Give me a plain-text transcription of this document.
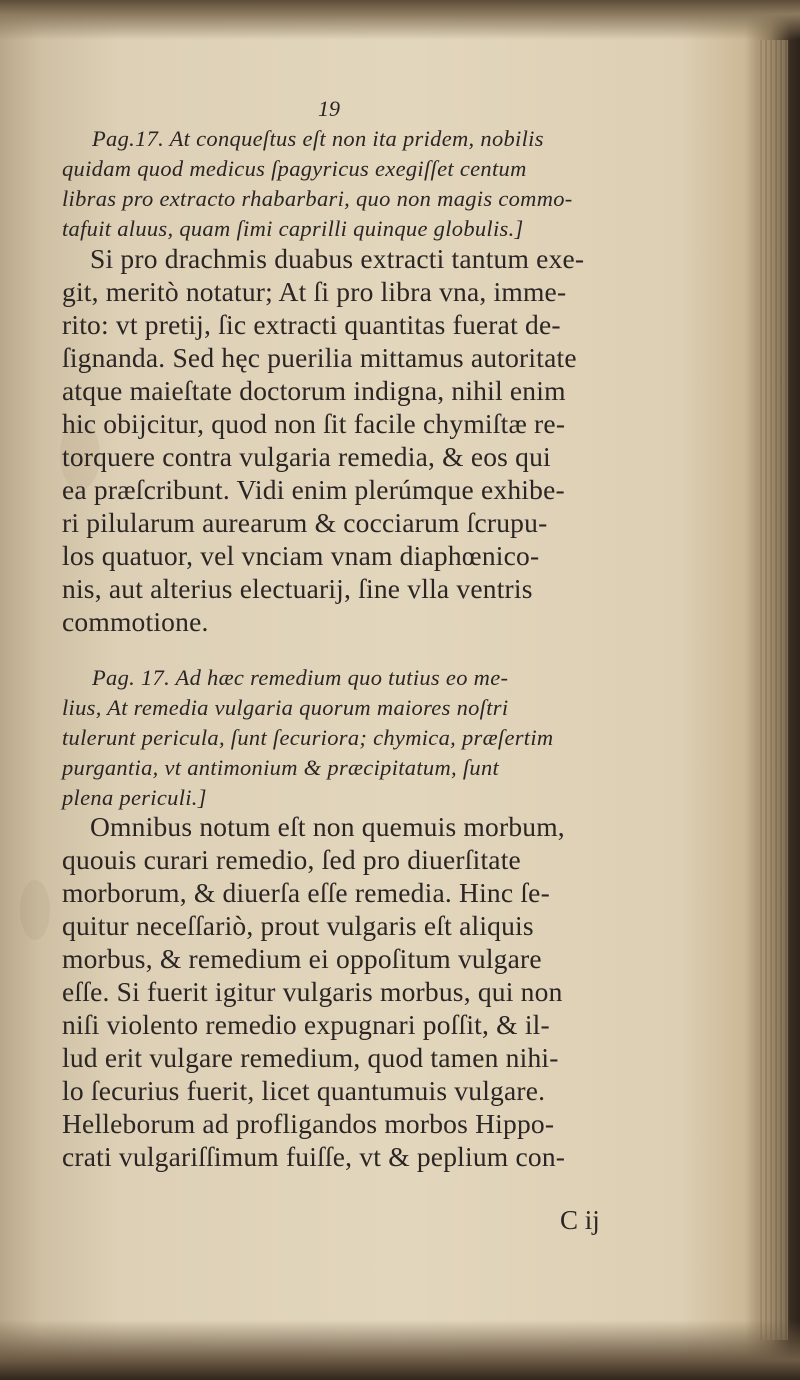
19
Pag.17. At conqueſtus eſt non ita pridem, nobilis
quidam quod medicus ſpagyricus exegiſſet centum
libras pro extracto rhabarbari, quo non magis commo-
tafuit aluus, quam ſimi caprilli quinque globulis.]
Si pro drachmis duabus extracti tantum exe-
git, meritò notatur; At ſi pro libra vna, imme-
rito: vt pretij, ſic extracti quantitas fuerat de-
ſignanda. Sed hęc puerilia mittamus autoritate
atque maieſtate doctorum indigna, nihil enim
hic obijcitur, quod non ſit facile chymiſtæ re-
torquere contra vulgaria remedia, & eos qui
ea præſcribunt. Vidi enim plerúmque exhibe-
ri pilularum aurearum & cocciarum ſcrupu-
los quatuor, vel vnciam vnam diaphœnico-
nis, aut alterius electuarij, ſine vlla ventris
commotione.
Pag. 17. Ad hæc remedium quo tutius eo me-
lius, At remedia vulgaria quorum maiores noſtri
tulerunt pericula, ſunt ſecuriora; chymica, præſertim
purgantia, vt antimonium & præcipitatum, ſunt
plena periculi.]
Omnibus notum eſt non quemuis morbum,
quouis curari remedio, ſed pro diuerſitate
morborum, & diuerſa eſſe remedia. Hinc ſe-
quitur neceſſariò, prout vulgaris eſt aliquis
morbus, & remedium ei oppoſitum vulgare
eſſe. Si fuerit igitur vulgaris morbus, qui non
niſi violento remedio expugnari poſſit, & il-
lud erit vulgare remedium, quod tamen nihi-
lo ſecurius fuerit, licet quantumuis vulgare.
Helleborum ad profligandos morbos Hippo-
crati vulgariſſimum fuiſſe, vt & peplium con-
C ij
